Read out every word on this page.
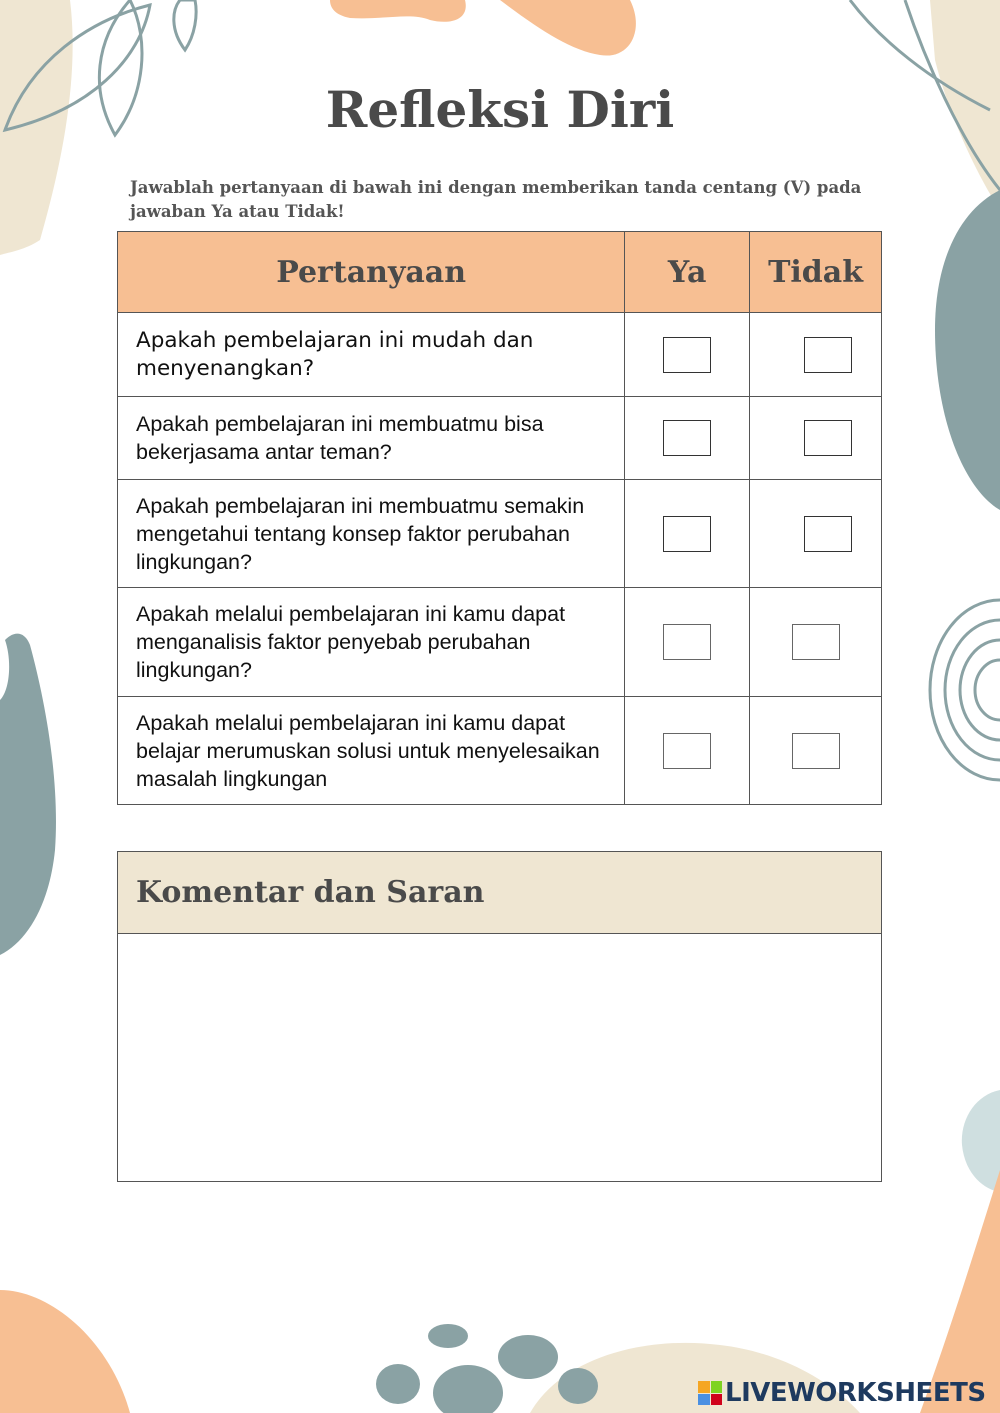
Refleksi Diri
Jawablah pertanyaan di bawah ini dengan memberikan tanda centang (V) pada jawaban Ya atau Tidak!
Pertanyaan	Ya	Tidak
Apakah pembelajaran ini mudah dan menyenangkan?		
Apakah pembelajaran ini membuatmu bisa bekerjasama antar teman?		
Apakah pembelajaran ini membuatmu semakin mengetahui tentang konsep faktor perubahan lingkungan?		
Apakah melalui pembelajaran ini kamu dapat menganalisis faktor penyebab perubahan lingkungan?		
Apakah melalui pembelajaran ini kamu dapat belajar merumuskan solusi untuk menyelesaikan masalah lingkungan		
Komentar dan Saran
LIVEWORKSHEETS
